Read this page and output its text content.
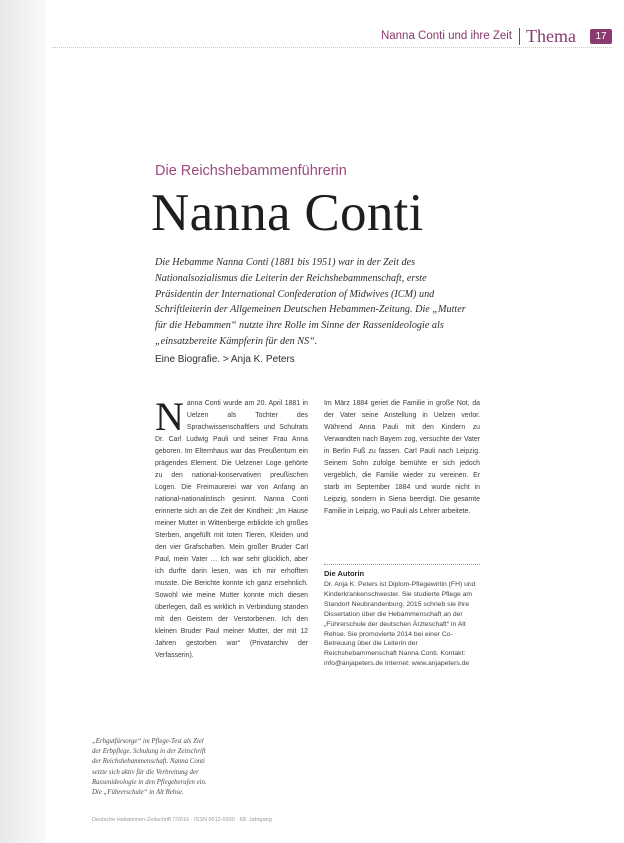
Nanna Conti und ihre Zeit Thema	17
Die Reichshebammenführerin
Nanna Conti
Die Hebamme Nanna Conti (1881 bis 1951) war in der Zeit des Nationalsozialismus die Leiterin der Reichshebammenschaft, erste Präsidentin der International Confederation of Midwives (ICM) und Schriftleiterin der Allgemeinen Deutschen Hebammen-Zeitung. Die „Mutter für die Hebammen“ nutzte ihre Rolle im Sinne der Rassenideologie als „einsatzbereite Kämpferin für den NS“.
Eine Biografie. > Anja K. Peters
N anna Conti wurde am 20. April 1881 in Uelzen als Tochter des Sprachwissenschaftlers und Schulrats Dr. Carl Ludwig Pauli und seiner Frau Anna geboren. Im Elternhaus war das Preußentum ein prägendes Element. Die Uelzener Loge gehörte zu den national-konservativen preußischen Logen. Die Freimaurerei war von Anfang an national-nationalistisch gesinnt. Nanna Conti erinnerte sich an die Zeit der Kindheit: „Im Hause meiner Mutter in Wittenberge erblickte ich großes Sterben, angefüllt mit toten Tieren, Kleiden und den vier Grafschaften. Mein großer Bruder Carl Paul, mein Vater … Ich war sehr glücklich, aber ich durfte darin lesen, was ich mir erhofften musste. Die Berichte konnte ich ganz ersehnlich. Sowohl wie meine Mutter konnte mich diesen überlegen, daß es wirklich in Verbindung standen mit den Geistern der Verstorbenen. Ich den kleinen Bruder Paul meiner Mutter, der mit 12 Jahren gestorben war“ (Privatarchiv der Verfasserin).
Im März 1884 geriet die Familie in große Not, da der Vater seine Anstellung in Uelzen verlor. Während Anna Pauli mit den Kindern zu Verwandten nach Bayern zog, versuchte der Vater in Berlin Fuß zu fassen. Carl Pauli nach Leipzig. Seinem Sohn zufolge bemühte er sich jedoch vergeblich, die Familie wieder zu vereinen. Er starb im September 1884 und wurde nicht in Leipzig, sondern in Siena beerdigt. Die gesamte Familie in Leipzig, wo Pauli als Lehrer arbeitete.
Die Autorin
Dr. Anja K. Peters ist Diplom-Pflegewirtin (FH) und Kinderkrankenschwester. Sie studierte Pflege am Standort Neubrandenburg. 2015 schrieb sie ihre Dissertation über die Hebammenschaft an der „Führerschule der deutschen Ärzteschaft“ in Alt Rehse. Sie promovierte 2014 bei einer Co-Betreuung über die Leiterin der Reichshebammenschaft Nanna Conti. Kontakt: info@anjapeters.de Internet: www.anjapeters.de
„Erbgutfürsorge“ im Pflege-Test als Ziel der Erbpflege. Schulung in der Zeitschrift der Reichshebammenschaft. Nanna Conti setzte sich aktiv für die Verbreitung der Rassenideologie in den Pflegeberufen ein. Die „Führerschule“ in Alt Rehse.
Deutsche Hebammen-Zeitschrift 7/2016 · ISSN 0012-0200 · 68. Jahrgang
